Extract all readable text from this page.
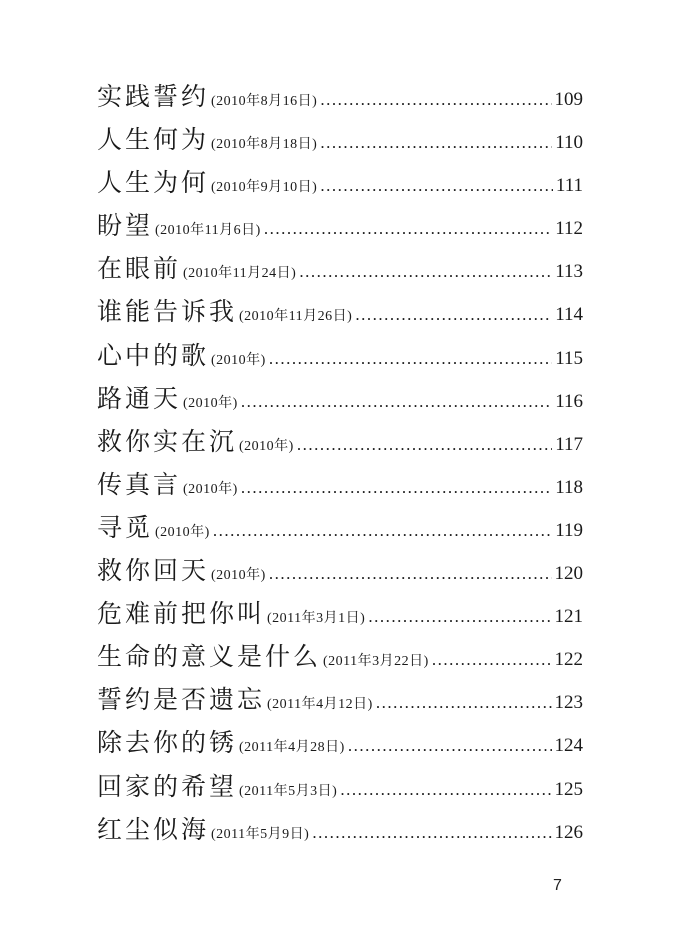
实践誓约 (2010年8月16日) .....	109
人生何为 (2010年8月18日) .....	110
人生为何 (2010年9月10日) .....	111
盼望 (2010年11月6日) .....	112
在眼前 (2010年11月24日) .....	113
谁能告诉我 (2010年11月26日) .....	114
心中的歌 (2010年) .....	115
路通天 (2010年) .....	116
救你实在沉 (2010年) .....	117
传真言 (2010年) .....	118
寻觅 (2010年) .....	119
救你回天 (2010年) .....	120
危难前把你叫 (2011年3月1日) .....	121
生命的意义是什么 (2011年3月22日) .....	122
誓约是否遗忘 (2011年4月12日) .....	123
除去你的锈 (2011年4月28日) .....	124
回家的希望 (2011年5月3日) .....	125
红尘似海 (2011年5月9日) .....	126
7
